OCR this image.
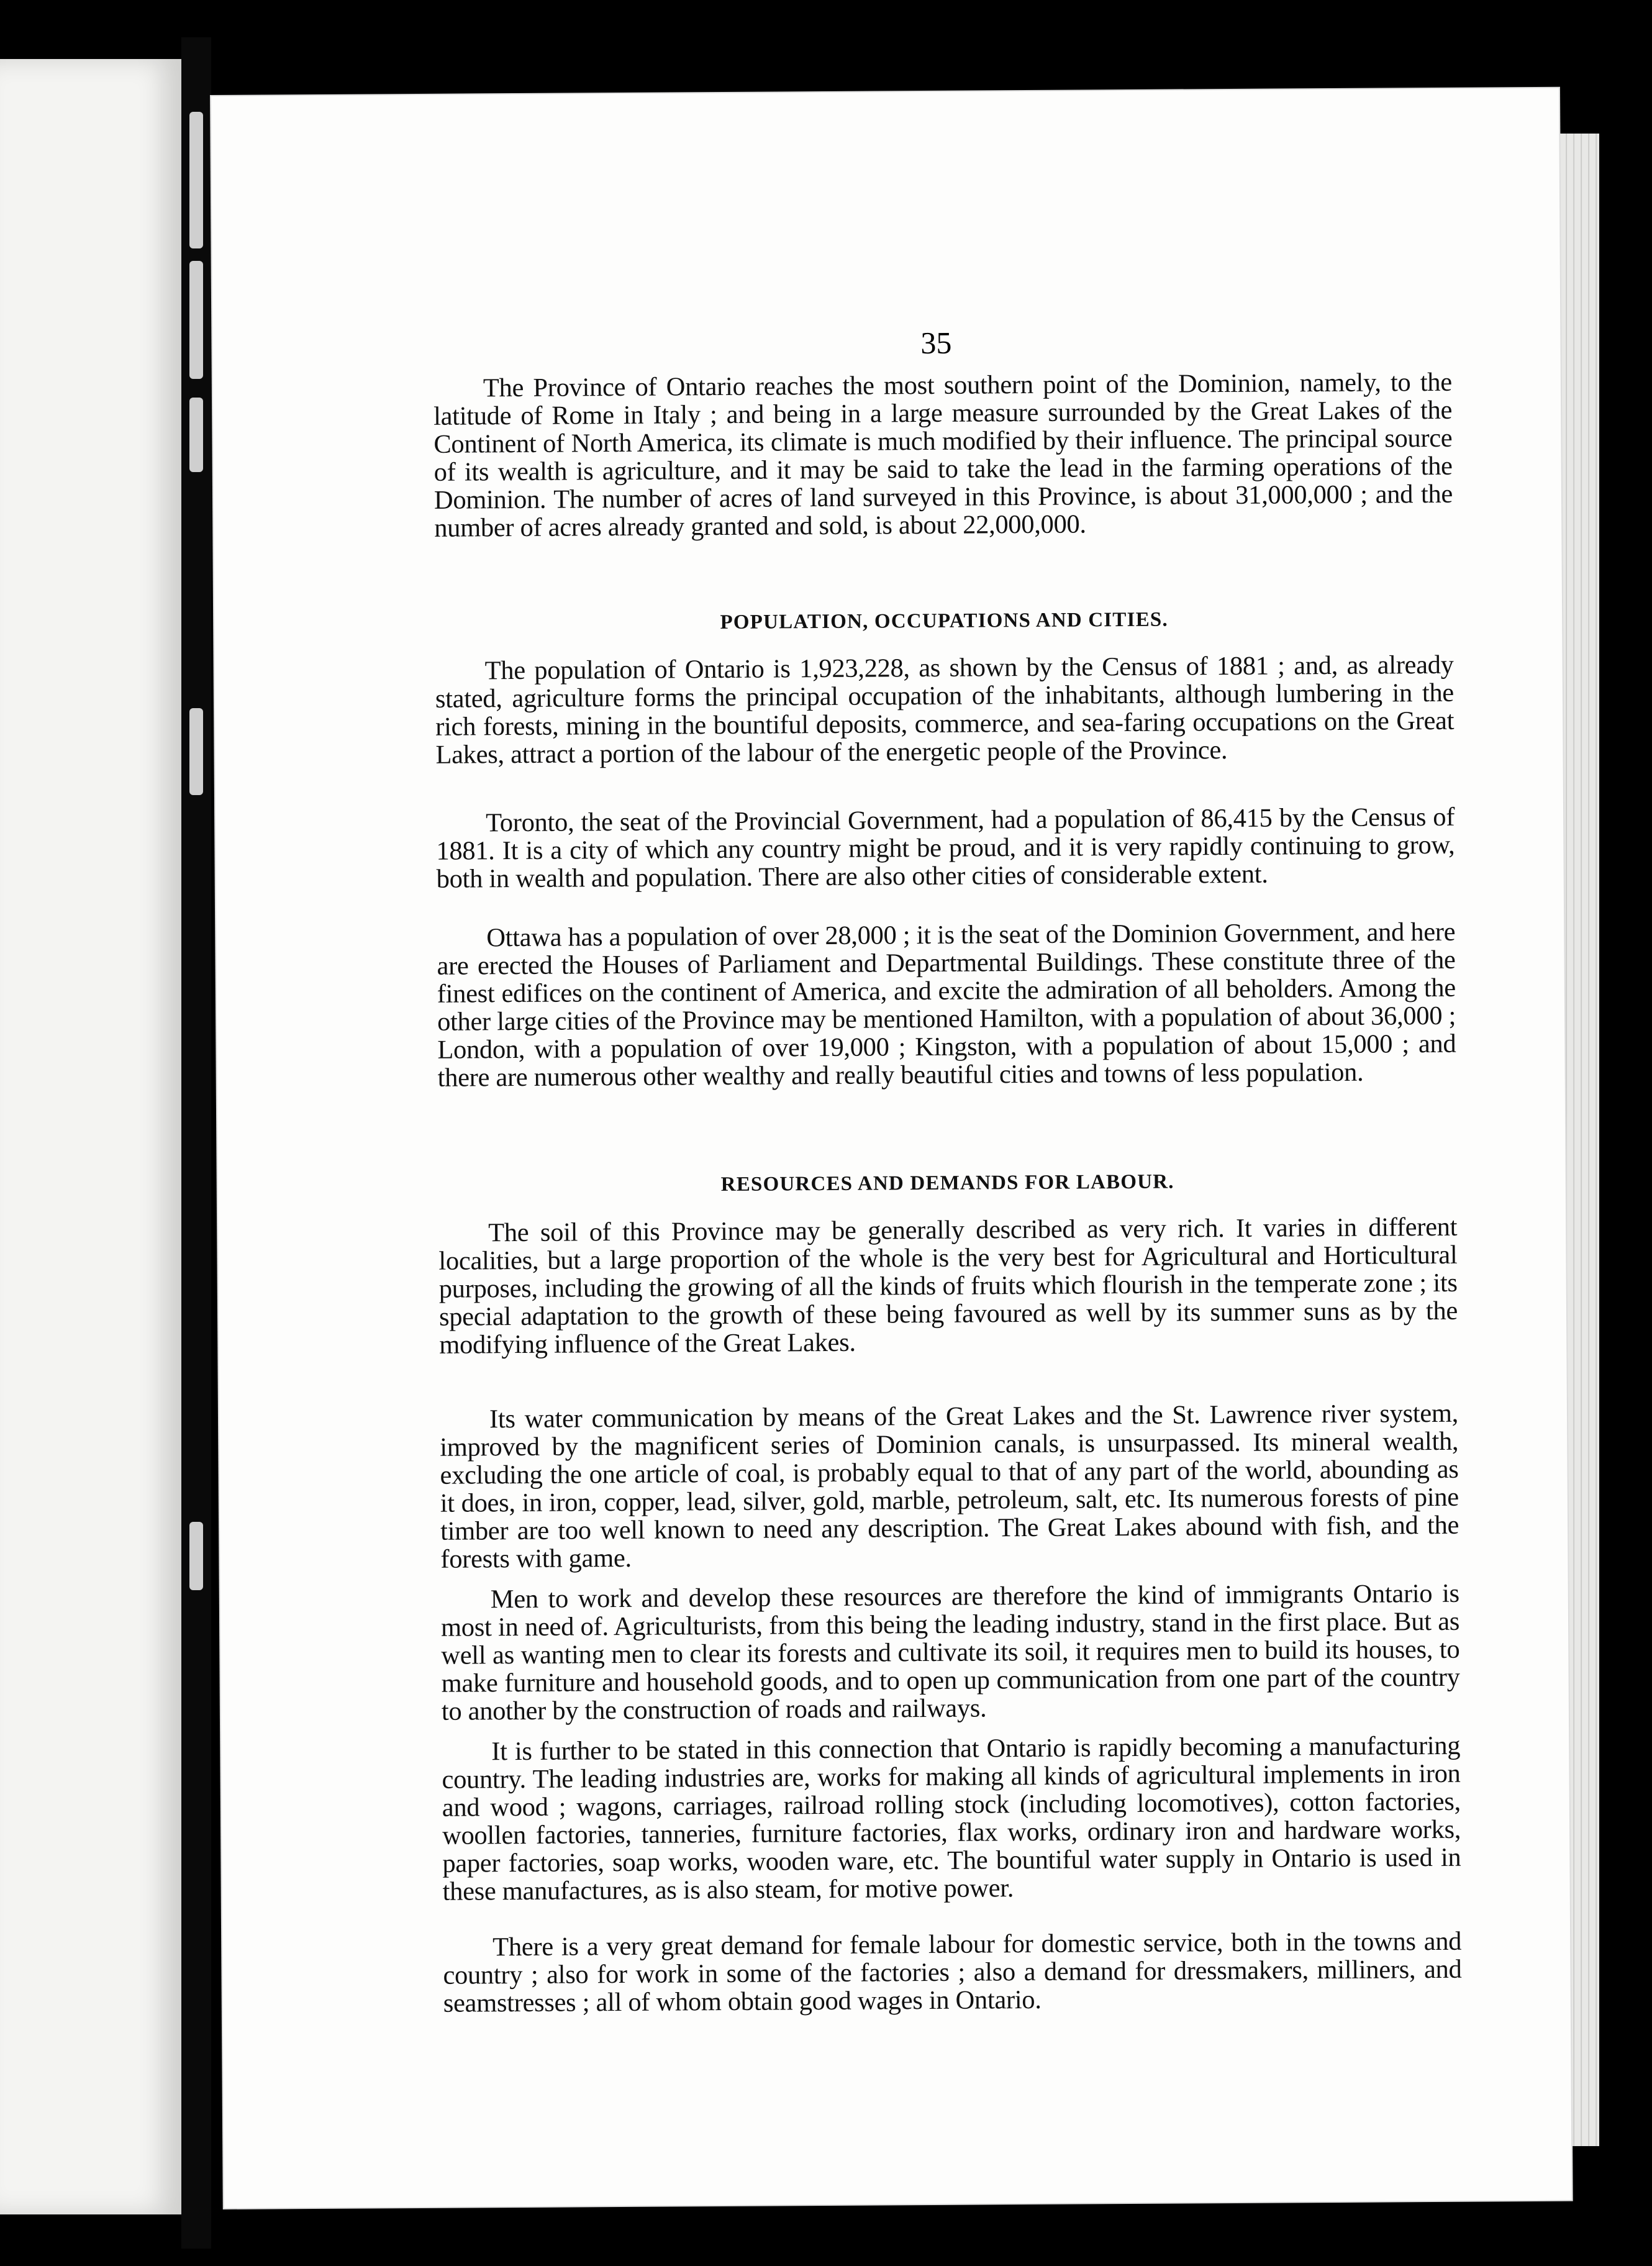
35

The Province of Ontario reaches the most southern point of the Dominion, namely, to the latitude of Rome in Italy ; and being in a large measure surrounded by the Great Lakes of the Continent of North America, its climate is much modified by their influence. The principal source of its wealth is agriculture, and it may be said to take the lead in the farming operations of the Dominion. The number of acres of land surveyed in this Province, is about 31,000,000 ; and the number of acres already granted and sold, is about 22,000,000.

POPULATION, OCCUPATIONS AND CITIES.

The population of Ontario is 1,923,228, as shown by the Census of 1881 ; and, as already stated, agriculture forms the principal occupation of the inhabitants, although lumbering in the rich forests, mining in the bountiful deposits, commerce, and sea-faring occupations on the Great Lakes, attract a portion of the labour of the energetic people of the Province.

Toronto, the seat of the Provincial Government, had a population of 86,415 by the Census of 1881. It is a city of which any country might be proud, and it is very rapidly continuing to grow, both in wealth and population. There are also other cities of considerable extent.

Ottawa has a population of over 28,000 ; it is the seat of the Dominion Government, and here are erected the Houses of Parliament and Departmental Buildings. These constitute three of the finest edifices on the continent of America, and excite the admiration of all beholders. Among the other large cities of the Province may be mentioned Hamilton, with a population of about 36,000 ; London, with a population of over 19,000 ; Kingston, with a population of about 15,000 ; and there are numerous other wealthy and really beautiful cities and towns of less population.

RESOURCES AND DEMANDS FOR LABOUR.

The soil of this Province may be generally described as very rich. It varies in different localities, but a large proportion of the whole is the very best for Agricultural and Horticultural purposes, including the growing of all the kinds of fruits which flourish in the temperate zone ; its special adaptation to the growth of these being favoured as well by its summer suns as by the modifying influence of the Great Lakes.

Its water communication by means of the Great Lakes and the St. Lawrence river system, improved by the magnificent series of Dominion canals, is unsurpassed. Its mineral wealth, excluding the one article of coal, is probably equal to that of any part of the world, abounding as it does, in iron, copper, lead, silver, gold, marble, petroleum, salt, etc. Its numerous forests of pine timber are too well known to need any description. The Great Lakes abound with fish, and the forests with game.

Men to work and develop these resources are therefore the kind of immigrants Ontario is most in need of. Agriculturists, from this being the leading industry, stand in the first place. But as well as wanting men to clear its forests and cultivate its soil, it requires men to build its houses, to make furniture and household goods, and to open up communication from one part of the country to another by the construction of roads and railways.

It is further to be stated in this connection that Ontario is rapidly becoming a manufacturing country. The leading industries are, works for making all kinds of agricultural implements in iron and wood ; wagons, carriages, railroad rolling stock (including locomotives), cotton factories, woollen factories, tanneries, furniture factories, flax works, ordinary iron and hardware works, paper factories, soap works, wooden ware, etc. The bountiful water supply in Ontario is used in these manufactures, as is also steam, for motive power.

There is a very great demand for female labour for domestic service, both in the towns and country ; also for work in some of the factories ; also a demand for dressmakers, milliners, and seamstresses ; all of whom obtain good wages in Ontario.
